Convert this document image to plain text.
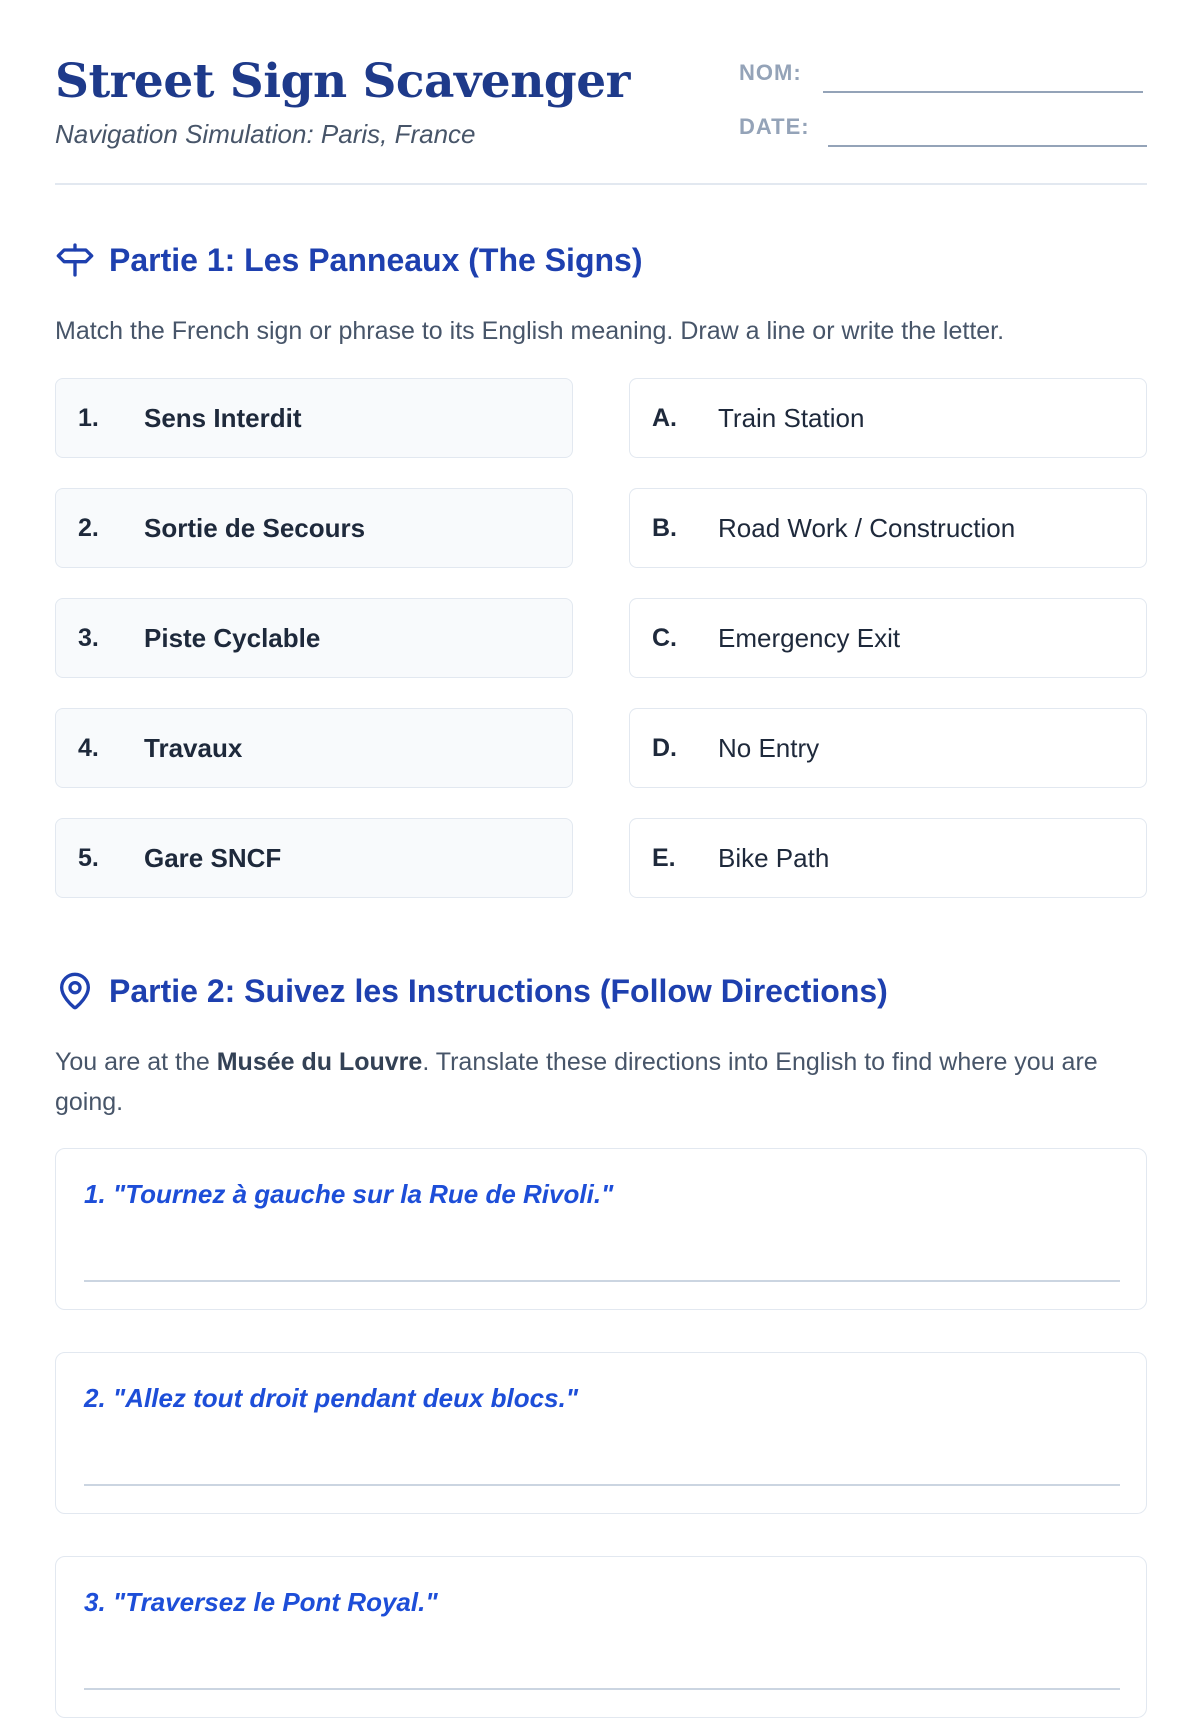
Street Sign Scavenger
Navigation Simulation: Paris, France
NOM:
DATE:
Partie 1: Les Panneaux (The Signs)
Match the French sign or phrase to its English meaning. Draw a line or write the letter.
1.	Sens Interdit
2.	Sortie de Secours
3.	Piste Cyclable
4.	Travaux
5.	Gare SNCF
A.	Train Station
B.	Road Work / Construction
C.	Emergency Exit
D.	No Entry
E.	Bike Path
Partie 2: Suivez les Instructions (Follow Directions)
You are at the Musée du Louvre. Translate these directions into English to find where you are going.
1. "Tournez à gauche sur la Rue de Rivoli."
2. "Allez tout droit pendant deux blocs."
3. "Traversez le Pont Royal."
